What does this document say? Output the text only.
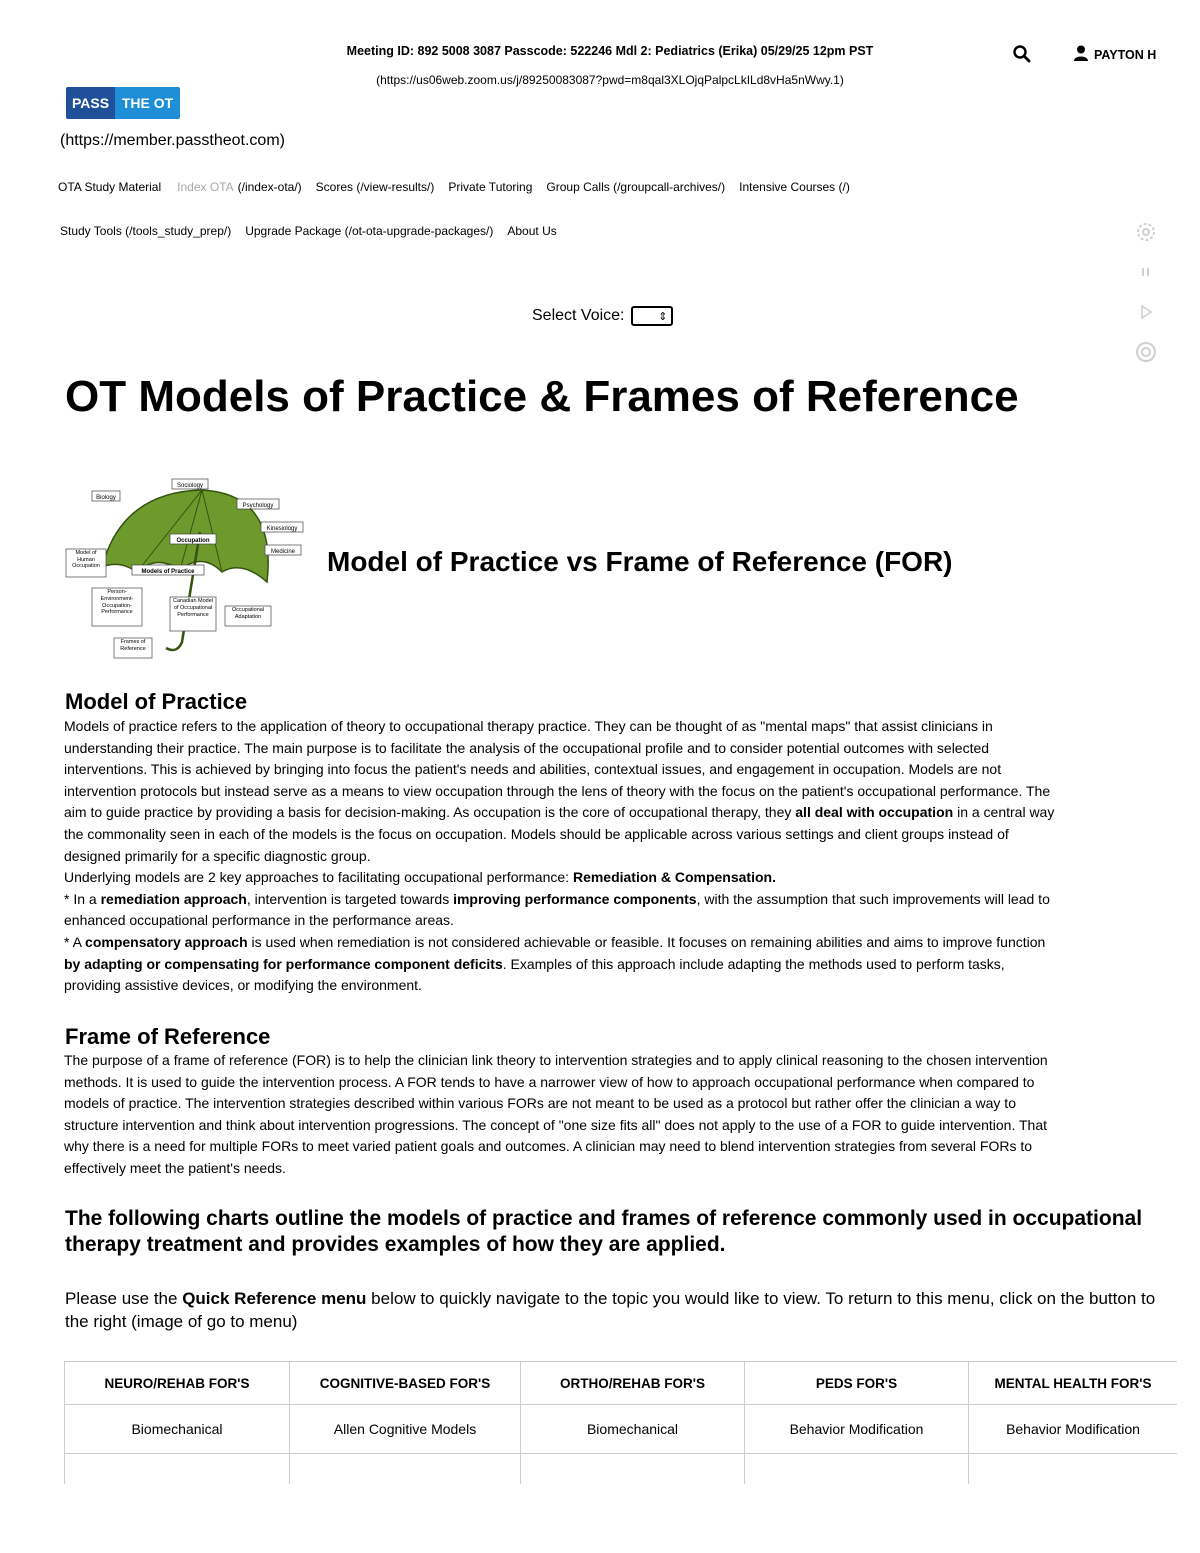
Meeting ID: 892 5008 3087 Passcode: 522246 Mdl 2: Pediatrics (Erika) 05/29/25 12pm PST
(https://us06web.zoom.us/j/89250083087?pwd=m8qal3XLOjqPalpcLkILd8vHa5nWwy.1)
PAYTON H
PASS THE OT
(https://member.passtheot.com)
OTA Study Material Index OTA (/index-ota/) Scores (/view-results/) Private Tutoring Group Calls (/groupcall-archives/) Intensive Courses (/)
Study Tools (/tools_study_prep/) Upgrade Package (/ot-ota-upgrade-packages/) About Us
Select Voice:	⇕
OT Models of Practice & Frames of Reference
Biology
Sociology
Psychology
Kinesiology
Medicine
Occupation
Models of Practice
Model of Human Occupation
Person-Environment-Occupation-Performance
Canadian Model of Occupational Performance
Occupational Adaptation
Frames of Reference
Model of Practice vs Frame of Reference (FOR)
Model of Practice
Models of practice refers to the application of theory to occupational therapy practice. They can be thought of as "mental maps" that assist clinicians in
understanding their practice. The main purpose is to facilitate the analysis of the occupational profile and to consider potential outcomes with selected
interventions. This is achieved by bringing into focus the patient's needs and abilities, contextual issues, and engagement in occupation. Models are not
intervention protocols but instead serve as a means to view occupation through the lens of theory with the focus on the patient's occupational performance. The
aim to guide practice by providing a basis for decision-making. As occupation is the core of occupational therapy, they all deal with occupation in a central way
the commonality seen in each of the models is the focus on occupation. Models should be applicable across various settings and client groups instead of
designed primarily for a specific diagnostic group.
Underlying models are 2 key approaches to facilitating occupational performance: Remediation & Compensation.
* In a remediation approach, intervention is targeted towards improving performance components, with the assumption that such improvements will lead to
enhanced occupational performance in the performance areas.
* A compensatory approach is used when remediation is not considered achievable or feasible. It focuses on remaining abilities and aims to improve function
by adapting or compensating for performance component deficits. Examples of this approach include adapting the methods used to perform tasks,
providing assistive devices, or modifying the environment.
Frame of Reference
The purpose of a frame of reference (FOR) is to help the clinician link theory to intervention strategies and to apply clinical reasoning to the chosen intervention
methods. It is used to guide the intervention process. A FOR tends to have a narrower view of how to approach occupational performance when compared to
models of practice. The intervention strategies described within various FORs are not meant to be used as a protocol but rather offer the clinician a way to
structure intervention and think about intervention progressions. The concept of "one size fits all" does not apply to the use of a FOR to guide intervention. That
why there is a need for multiple FORs to meet varied patient goals and outcomes. A clinician may need to blend intervention strategies from several FORs to
effectively meet the patient's needs.
The following charts outline the models of practice and frames of reference commonly used in occupational therapy treatment and provides examples of how they are applied.

Please use the Quick Reference menu below to quickly navigate to the topic you would like to view. To return to this menu, click on the button to the right (image of go to menu)

NEURO/REHAB FOR'S	COGNITIVE-BASED FOR'S	ORTHO/REHAB FOR'S	PEDS FOR'S	MENTAL HEALTH FOR'S
Biomechanical	Allen Cognitive Models	Biomechanical	Behavior Modification	Behavior Modification
